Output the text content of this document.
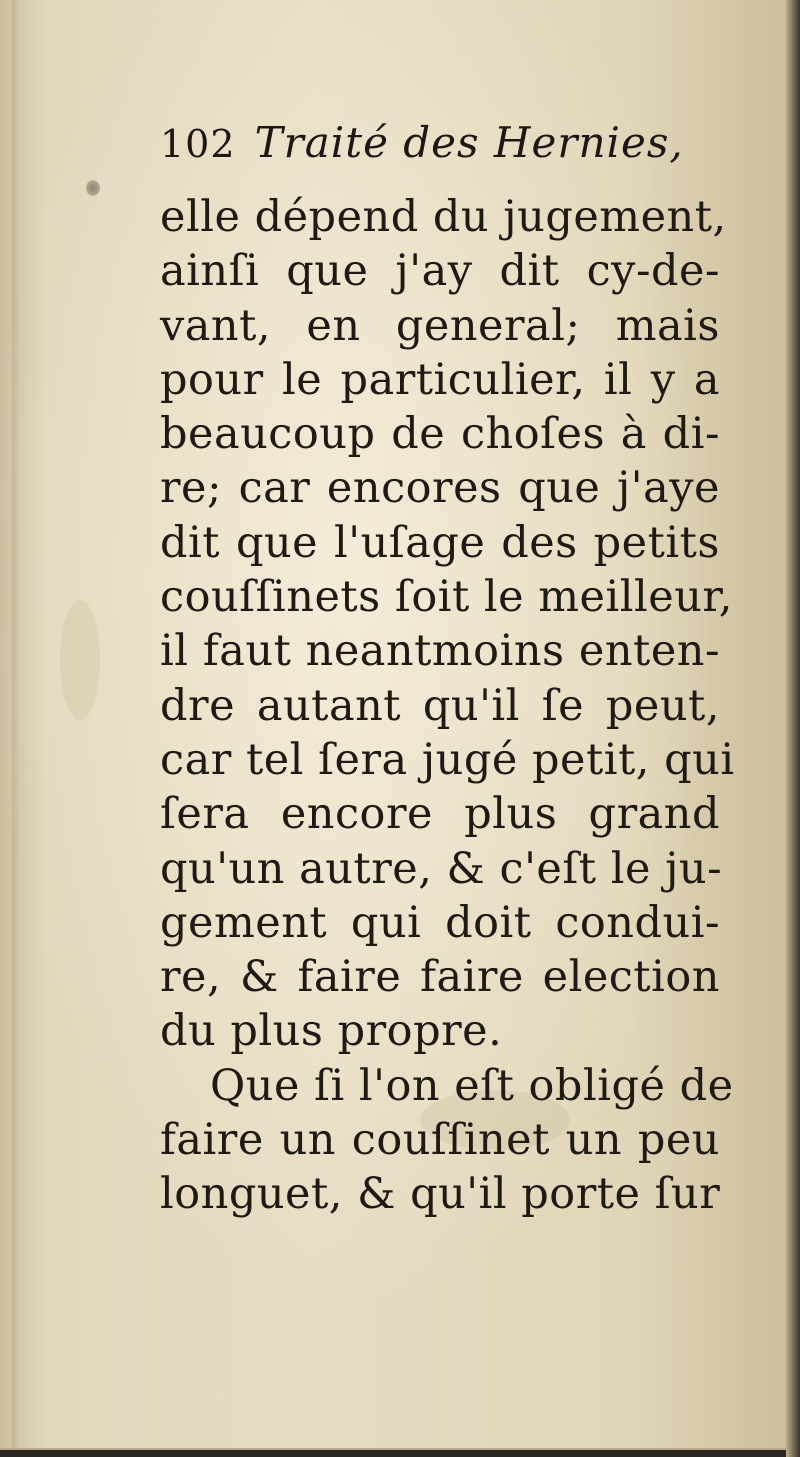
102 Traité des Hernies,
elle dépend du jugement,
ainſi que j'ay dit cy-de-
vant, en general; mais
pour le particulier, il y a
beaucoup de choſes à di-
re; car encores que j'aye
dit que l'uſage des petits
couſſinets ſoit le meilleur,
il faut neantmoins enten-
dre autant qu'il ſe peut,
car tel ſera jugé petit, qui
ſera encore plus grand
qu'un autre, & c'eſt le ju-
gement qui doit condui-
re, & faire faire election
du plus propre.
Que ſi l'on eſt obligé de
faire un couſſinet un peu
longuet, & qu'il porte ſur
